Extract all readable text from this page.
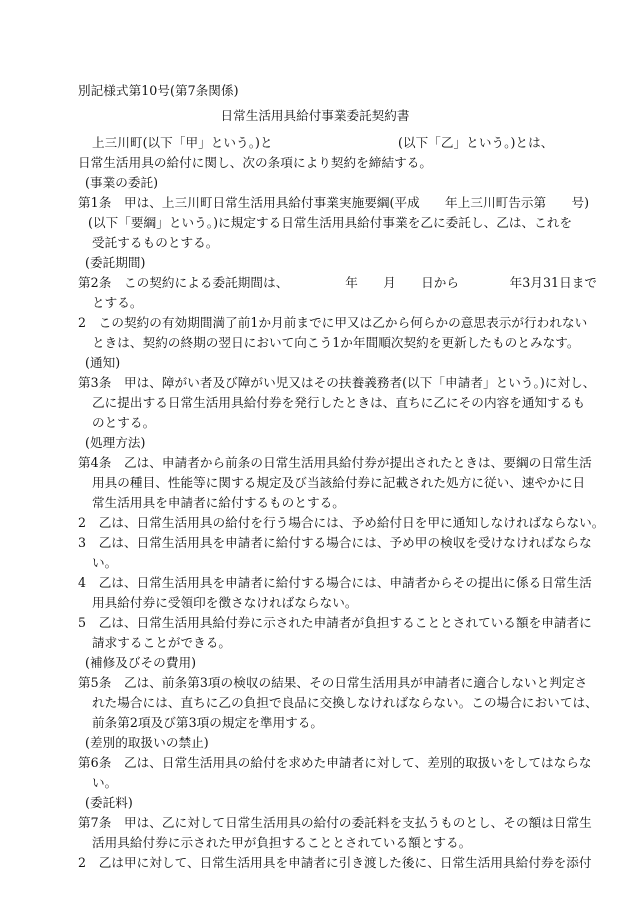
別記様式第10号(第7条関係)
日常生活用具給付事業委託契約書
上三川町(以下「甲」という。)と	(以下「乙」という。)とは、
日常生活用具の給付に関し、次の条項により契約を締結する。
(事業の委託)
第1条　甲は、上三川町日常生活用具給付事業実施要綱(平成　　年上三川町告示第　　号)
(以下「要綱」という。)に規定する日常生活用具給付事業を乙に委託し、乙は、これを
受託するものとする。
(委託期間)
第2条　この契約による委託期間は、　　　　　年　　月　　日から　　　　年3月31日まで
とする。
2　この契約の有効期間満了前1か月前までに甲又は乙から何らかの意思表示が行われない
ときは、契約の終期の翌日において向こう1か年間順次契約を更新したものとみなす。
(通知)
第3条　甲は、障がい者及び障がい児又はその扶養義務者(以下「申請者」という。)に対し、
乙に提出する日常生活用具給付券を発行したときは、直ちに乙にその内容を通知するも
のとする。
(処理方法)
第4条　乙は、申請者から前条の日常生活用具給付券が提出されたときは、要綱の日常生活
用具の種目、性能等に関する規定及び当該給付券に記載された処方に従い、速やかに日
常生活用具を申請者に給付するものとする。
2　乙は、日常生活用具の給付を行う場合には、予め給付日を甲に通知しなければならない。
3　乙は、日常生活用具を申請者に給付する場合には、予め甲の検収を受けなければならな
い。
4　乙は、日常生活用具を申請者に給付する場合には、申請者からその提出に係る日常生活
用具給付券に受領印を徴さなければならない。
5　乙は、日常生活用具給付券に示された申請者が負担することとされている額を申請者に
請求することができる。
(補修及びその費用)
第5条　乙は、前条第3項の検収の結果、その日常生活用具が申請者に適合しないと判定さ
れた場合には、直ちに乙の負担で良品に交換しなければならない。この場合においては、
前条第2項及び第3項の規定を準用する。
(差別的取扱いの禁止)
第6条　乙は、日常生活用具の給付を求めた申請者に対して、差別的取扱いをしてはならな
い。
(委託料)
第7条　甲は、乙に対して日常生活用具の給付の委託料を支払うものとし、その額は日常生
活用具給付券に示された甲が負担することとされている額とする。
2　乙は甲に対して、日常生活用具を申請者に引き渡した後に、日常生活用具給付券を添付
